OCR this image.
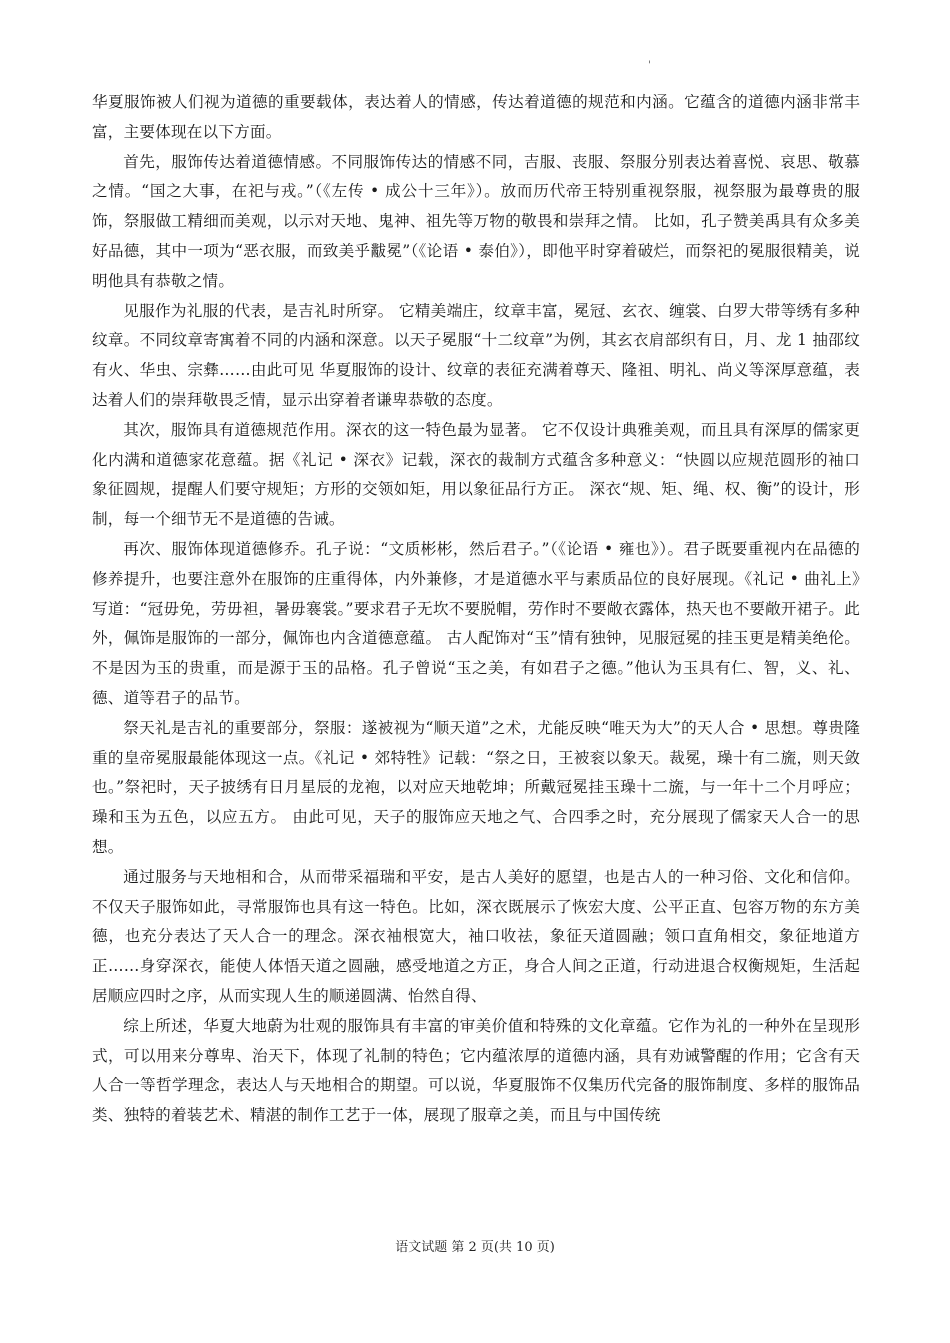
'

华夏服饰被人们视为道德的重要载体，表达着人的情感，传达着道德的规范和内涵。它蕴含的道德内涵非常丰富，主要体现在以下方面。

首先，服饰传达着道德情感。不同服饰传达的情感不同，吉服、丧服、祭服分别表达着喜悦、哀思、敬慕之情。“国之大事，在祀与戎。”（《左传 • 成公十三年》）。放而历代帝王特别重视祭服，视祭服为最尊贵的服饰，祭服做工精细而美观，以示对天地、鬼神、祖先等万物的敬畏和崇拜之情。 比如，孔子赞美禹具有众多美好品德，其中一项为“恶衣服，而致美乎黻冕”（《论语 • 泰伯》），即他平时穿着破烂，而祭祀的冕服很精美，说明他具有恭敬之情。

见服作为礼服的代表，是吉礼时所穿。 它精美端庄，纹章丰富，冕冠、玄衣、缠裳、白罗大带等绣有多种纹章。不同纹章寄寓着不同的内涵和深意。以天子冕服“十二纹章”为例，其玄衣肩部织有日，月、龙 1 抽邵纹有火、华虫、宗彝……由此可见 华夏服饰的设计、纹章的表征充满着尊天、隆祖、明礼、尚义等深厚意蕴，表达着人们的崇拜敬畏乏情，显示出穿着者谦卑恭敬的态度。

其次，服饰具有道德规范作用。深衣的这一特色最为显著。 它不仅设计典雅美观，而且具有深厚的儒家更化内满和道德家花意蕴。据《礼记 • 深衣》记载，深衣的裁制方式蕴含多种意义：“快圆以应规范圆形的袖口象征圆规，提醒人们要守规矩；方形的交领如矩，用以象征品行方正。 深衣“规、矩、绳、权、衡”的设计，形制，每一个细节无不是道德的告诫。

再次、服饰体现道德修乔。孔子说：“文质彬彬，然后君子。”（《论语 • 雍也》）。君子既要重视内在品德的修养提升，也要注意外在服饰的庄重得体，内外兼修，才是道德水平与素质品位的良好展现。《礼记 • 曲礼上》写道：“冠毋免，劳毋袒，暑毋褰裳。”要求君子无坎不要脱帽，劳作时不要敞衣露体，热天也不要敞开裙子。此外，佩饰是服饰的一部分，佩饰也内含道德意蕴。 古人配饰对“玉”情有独钟，见服冠冕的挂玉更是精美绝伦。不是因为玉的贵重，而是源于玉的品格。孔子曾说“玉之美，有如君子之德。”他认为玉具有仁、智，义、礼、德、道等君子的品节。

祭天礼是吉礼的重要部分，祭服：遂被视为“顺天道”之术，尤能反映“唯天为大”的天人合 • 思想。尊贵隆重的皇帝冕服最能体现这一点。《礼记 • 郊特牲》记载：“祭之日，王被衮以象天。裁冕，璪十有二旒，则天敛也。”祭祀时，天子披绣有日月星辰的龙袍，以对应天地乾坤；所戴冠冕挂玉璪十二旒，与一年十二个月呼应；璪和玉为五色，以应五方。 由此可见，天子的服饰应天地之气、合四季之时，充分展现了儒家天人合一的思想。

通过服务与天地相和合，从而带采福瑞和平安，是古人美好的愿望，也是古人的一种习俗、文化和信仰。不仅天子服饰如此，寻常服饰也具有这一特色。比如，深衣既展示了恢宏大度、公平正直、包容万物的东方美德，也充分表达了天人合一的理念。深衣袖根宽大，袖口收祛，象征天道圆融；领口直角相交，象征地道方正……身穿深衣，能使人体悟天道之圆融，感受地道之方正，身合人间之正道，行动进退合权衡规矩，生活起居顺应四时之序，从而实现人生的顺递圆满、怡然自得、

综上所述，华夏大地蔚为壮观的服饰具有丰富的审美价值和特殊的文化章蕴。它作为礼的一种外在呈现形式，可以用来分尊卑、治天下，体现了礼制的特色；它内蕴浓厚的道德内涵，具有劝诫警醒的作用；它含有天人合一等哲学理念，表达人与天地相合的期望。可以说，华夏服饰不仅集历代完备的服饰制度、多样的服饰品类、独特的着装艺术、精湛的制作工艺于一体，展现了服章之美，而且与中国传统

语文试题 第 2 页(共 10 页)
